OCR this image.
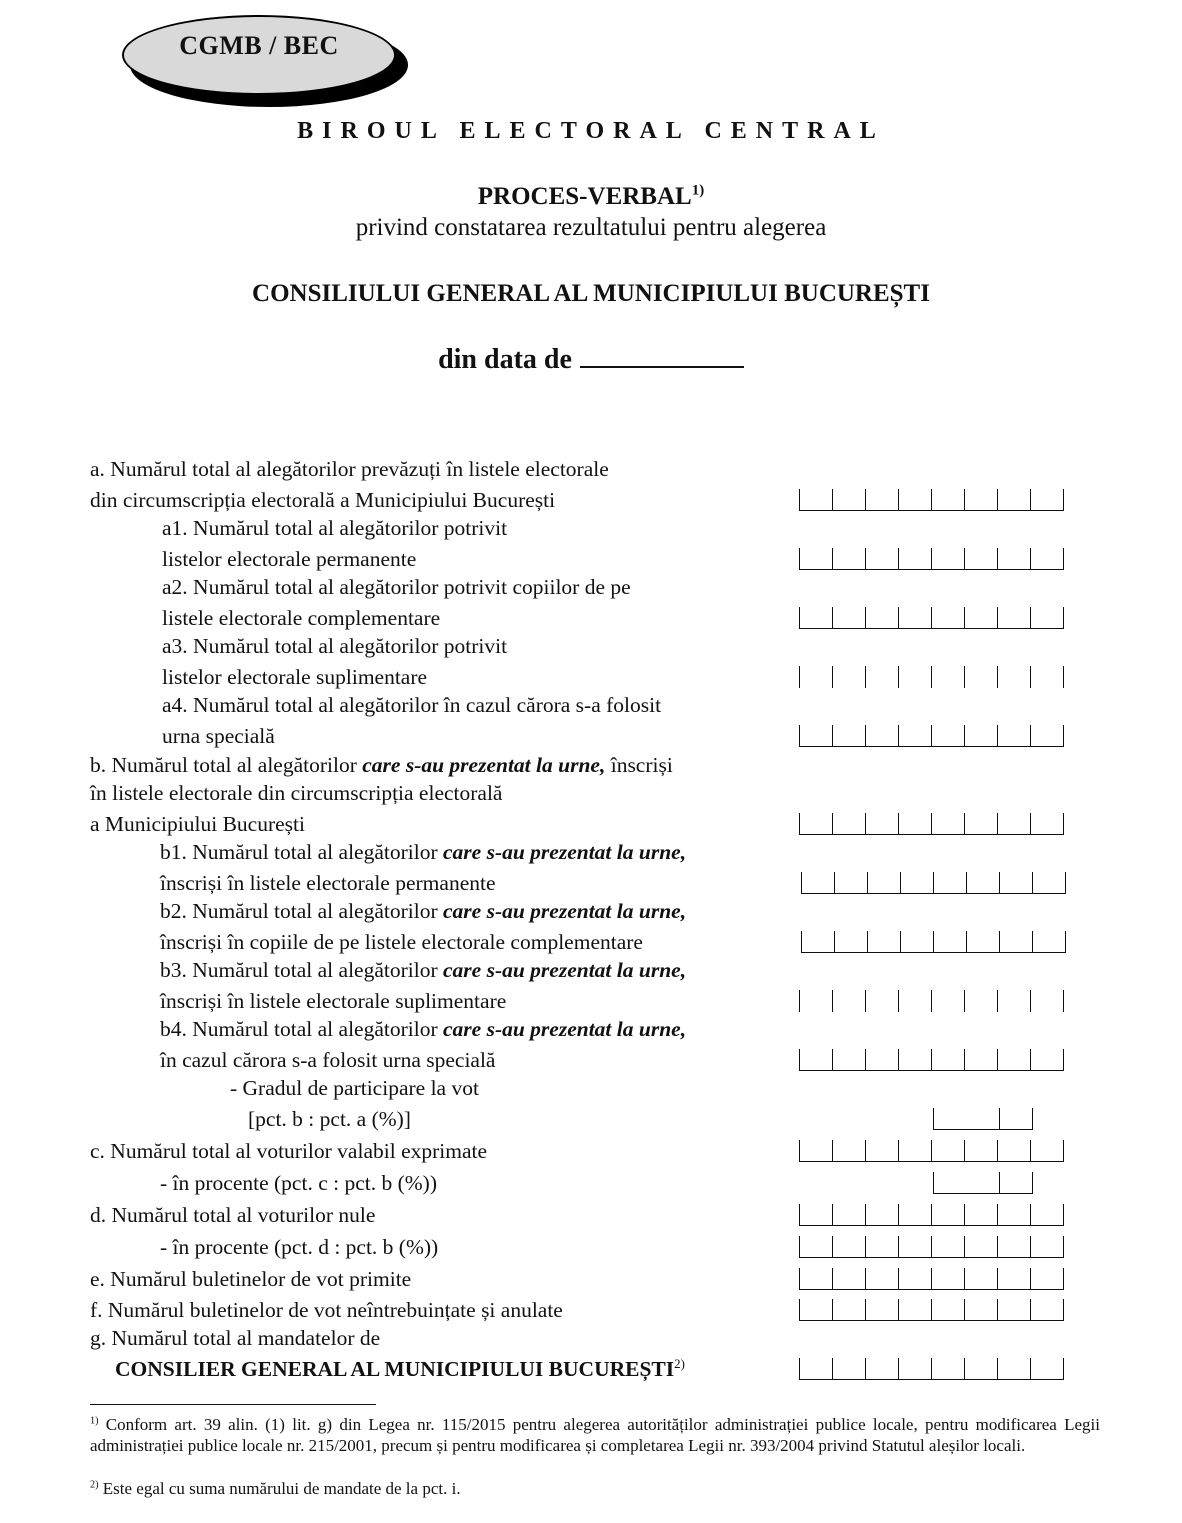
CGMB / BEC
BIROUL ELECTORAL CENTRAL
PROCES-VERBAL$^{1)}$
privind constatarea rezultatului pentru alegerea
CONSILIULUI GENERAL AL MUNICIPIULUI BUCUREȘTI
din data de
a. Numărul total al alegătorilor prevăzuți în listele electorale
din circumscripția electorală a Municipiului București
a1. Numărul total al alegătorilor potrivit
listelor electorale permanente
a2. Numărul total al alegătorilor potrivit copiilor de pe
listele electorale complementare
a3. Numărul total al alegătorilor potrivit
listelor electorale suplimentare
a4. Numărul total al alegătorilor în cazul cărora s-a folosit
urna specială
b. Numărul total al alegătorilor care s-au prezentat la urne, înscriși
în listele electorale din circumscripția electorală
a Municipiului București
b1. Numărul total al alegătorilor care s-au prezentat la urne,
înscriși în listele electorale permanente
b2. Numărul total al alegătorilor care s-au prezentat la urne,
înscriși în copiile de pe listele electorale complementare
b3. Numărul total al alegătorilor care s-au prezentat la urne,
înscriși în listele electorale suplimentare
b4. Numărul total al alegătorilor care s-au prezentat la urne,
în cazul cărora s-a folosit urna specială
- Gradul de participare la vot
[pct. b : pct. a (%)]
c. Numărul total al voturilor valabil exprimate
- în procente (pct. c : pct. b (%))
d. Numărul total al voturilor nule
- în procente (pct. d : pct. b (%))
e. Numărul buletinelor de vot primite
f. Numărul buletinelor de vot neîntrebuințate și anulate
g. Numărul total al mandatelor de
CONSILIER GENERAL AL MUNICIPIULUI BUCUREȘTI$^{2)}$
$^{1)}$ Conform art. 39 alin. (1) lit. g) din Legea nr. 115/2015 pentru alegerea autorităților administrației publice locale, pentru modificarea Legii administrației publice locale nr. 215/2001, precum și pentru modificarea și completarea Legii nr. 393/2004 privind Statutul aleșilor locali.
$^{2)}$ Este egal cu suma numărului de mandate de la pct. i.
